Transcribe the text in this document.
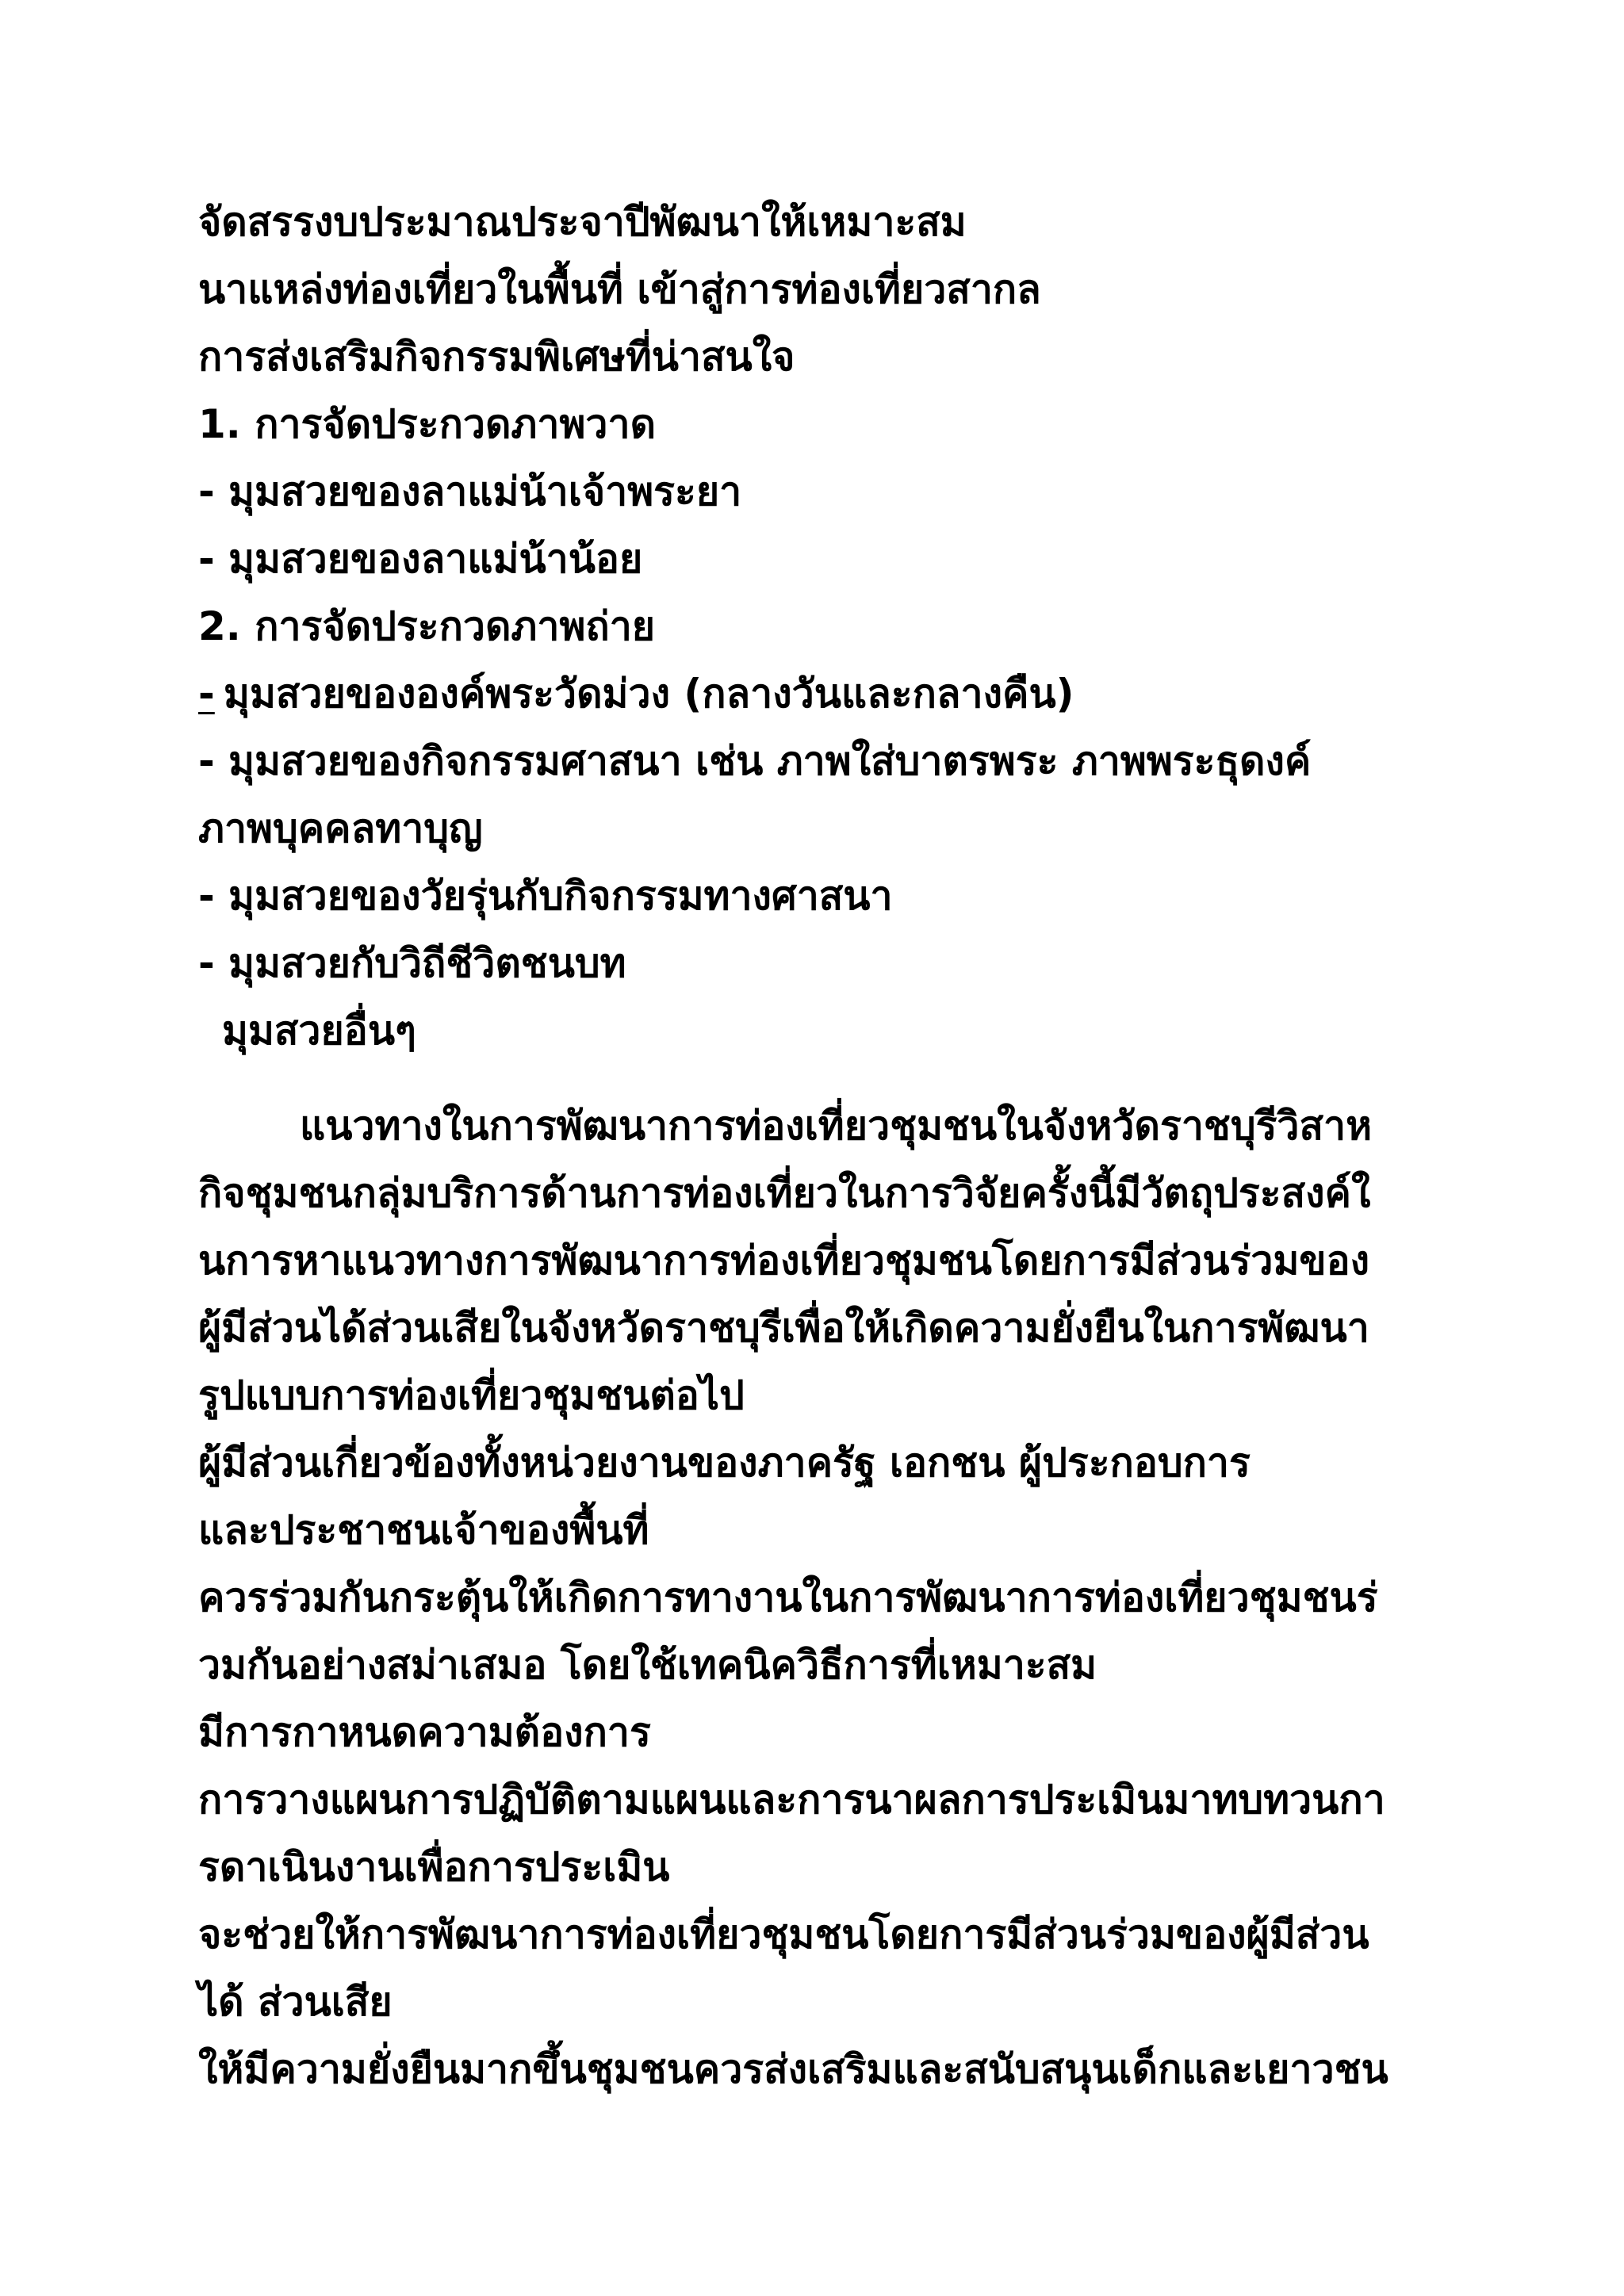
จัดสรรงบประมาณประจาปีพัฒนาให้เหมาะสม

นาแหล่งท่องเที่ยวในพื้นที่ เข้าสู่การท่องเที่ยวสากล

การส่งเสริมกิจกรรมพิเศษที่น่าสนใจ

1. การจัดประกวดภาพวาด

- มุมสวยของลาแม่น้าเจ้าพระยา

- มุมสวยของลาแม่น้าน้อย

2. การจัดประกวดภาพถ่าย

- มุมสวยขององค์พระวัดม่วง (กลางวันและกลางคืน)

- มุมสวยของกิจกรรมศาสนา เช่น ภาพใส่บาตรพระ ภาพพระธุดงค์

ภาพบุคคลทาบุญ

- มุมสวยของวัยรุ่นกับกิจกรรมทางศาสนา

- มุมสวยกับวิถีชีวิตชนบท

มุมสวยอื่นๆ

แนวทางในการพัฒนาการท่องเที่ยวชุมชนในจังหวัดราชบุรีวิสาห

กิจชุมชนกลุ่มบริการด้านการท่องเที่ยวในการวิจัยครั้งนี้มีวัตถุประสงค์ใ

นการหาแนวทางการพัฒนาการท่องเที่ยวชุมชนโดยการมีส่วนร่วมของ

ผู้มีส่วนได้ส่วนเสียในจังหวัดราชบุรีเพื่อให้เกิดความยั่งยืนในการพัฒนา

รูปแบบการท่องเที่ยวชุมชนต่อไป

ผู้มีส่วนเกี่ยวข้องทั้งหน่วยงานของภาครัฐ เอกชน ผู้ประกอบการ

และประชาชนเจ้าของพื้นที่

ควรร่วมกันกระตุ้นให้เกิดการทางานในการพัฒนาการท่องเที่ยวชุมชนร่

วมกันอย่างสม่าเสมอ โดยใช้เทคนิควิธีการที่เหมาะสม

มีการกาหนดความต้องการ

การวางแผนการปฏิบัติตามแผนและการนาผลการประเมินมาทบทวนกา

รดาเนินงานเพื่อการประเมิน

จะช่วยให้การพัฒนาการท่องเที่ยวชุมชนโดยการมีส่วนร่วมของผู้มีส่วน

ได้ ส่วนเสีย

ให้มีความยั่งยืนมากขึ้นชุมชนควรส่งเสริมและสนับสนุนเด็กและเยาวชน
